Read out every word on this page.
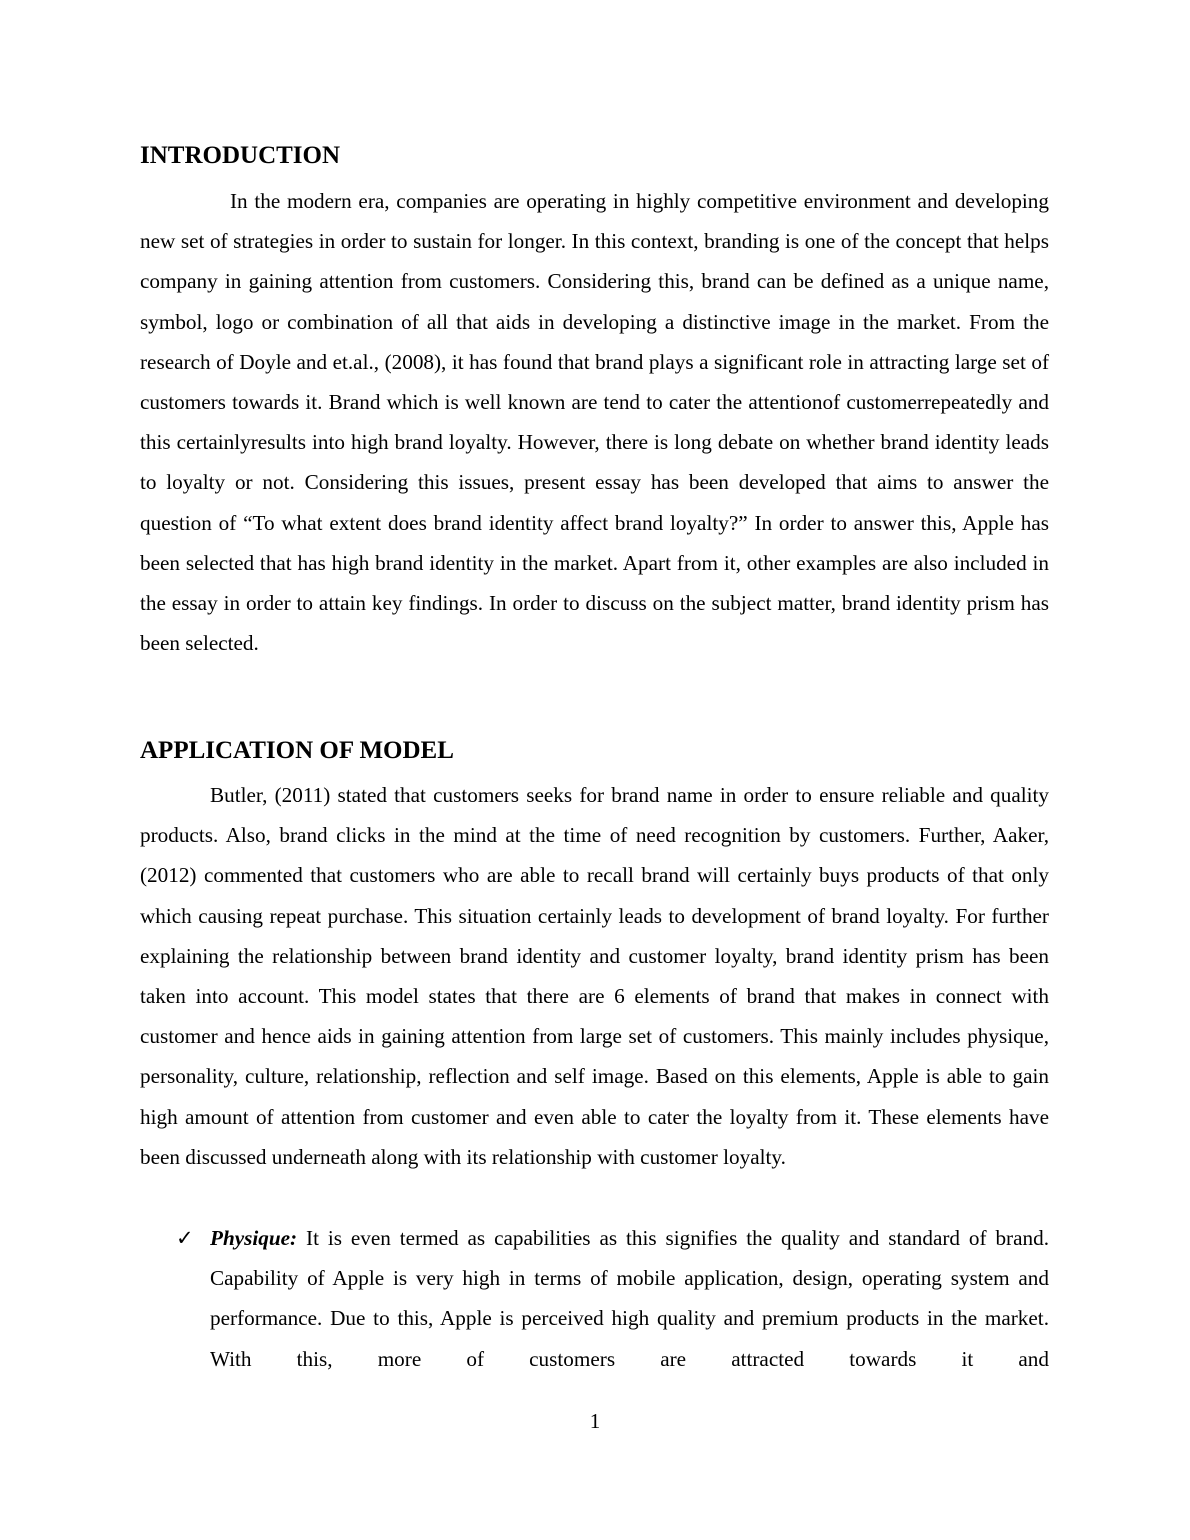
INTRODUCTION

In the modern era, companies are operating in highly competitive environment and developing new set of strategies in order to sustain for longer. In this context, branding is one of the concept that helps company in gaining attention from customers. Considering this, brand can be defined as a unique name, symbol, logo or combination of all that aids in developing a distinctive image in the market. From the research of Doyle and et.al., (2008), it has found that brand plays a significant role in attracting large set of customers towards it. Brand which is well known are tend to cater the attentionof customerrepeatedly and this certainlyresults into high brand loyalty. However, there is long debate on whether brand identity leads to loyalty or not. Considering this issues, present essay has been developed that aims to answer the question of “To what extent does brand identity affect brand loyalty?” In order to answer this, Apple has been selected that has high brand identity in the market. Apart from it, other examples are also included in the essay in order to attain key findings. In order to discuss on the subject matter, brand identity prism has been selected.

APPLICATION OF MODEL

Butler, (2011) stated that customers seeks for brand name in order to ensure reliable and quality products. Also, brand clicks in the mind at the time of need recognition by customers. Further, Aaker, (2012) commented that customers who are able to recall brand will certainly buys products of that only which causing repeat purchase. This situation certainly leads to development of brand loyalty. For further explaining the relationship between brand identity and customer loyalty, brand identity prism has been taken into account. This model states that there are 6 elements of brand that makes in connect with customer and hence aids in gaining attention from large set of customers. This mainly includes physique, personality, culture, relationship, reflection and self image. Based on this elements, Apple is able to gain high amount of attention from customer and even able to cater the loyalty from it. These elements have been discussed underneath along with its relationship with customer loyalty.

✓ Physique: It is even termed as capabilities as this signifies the quality and standard of brand. Capability of Apple is very high in terms of mobile application, design, operating system and performance. Due to this, Apple is perceived high quality and premium products in the market. With this, more of customers are attracted towards it and

1
